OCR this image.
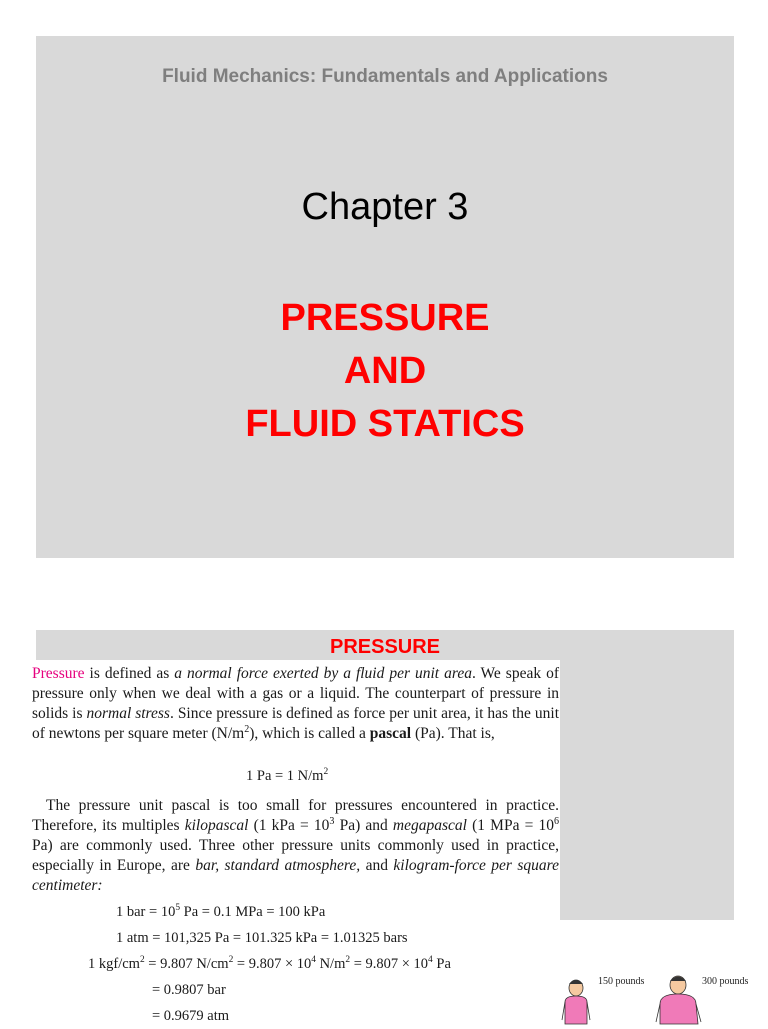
Fluid Mechanics: Fundamentals and Applications
Chapter 3
PRESSURE
AND
FLUID STATICS
PRESSURE
Pressure is defined as a normal force exerted by a fluid per unit area. We speak of pressure only when we deal with a gas or a liquid. The counterpart of pressure in solids is normal stress. Since pressure is defined as force per unit area, it has the unit of newtons per square meter $(N/m^2)$, which is called a pascal (Pa). That is,
1 Pa = 1 $N/m^2$
The pressure unit pascal is too small for pressures encountered in practice. Therefore, its multiples kilopascal (1 kPa = $10^3$ Pa) and megapascal (1 MPa = $10^6$ Pa) are commonly used. Three other pressure units commonly used in practice, especially in Europe, are bar, standard atmosphere, and kilogram-force per square centimeter:
1 bar = $10^5$ Pa = 0.1 MPa = 100 kPa
1 atm = 101,325 Pa = 101.325 kPa = 1.01325 bars
1 kgf/$cm^2 = 9.807$ $N/cm^2 = 9.807 \times 10^4$ $N/m^2 = 9.807 \times 10^4$ Pa
= 0.9807 bar
= 0.9679 atm
150 pounds	300 pounds
